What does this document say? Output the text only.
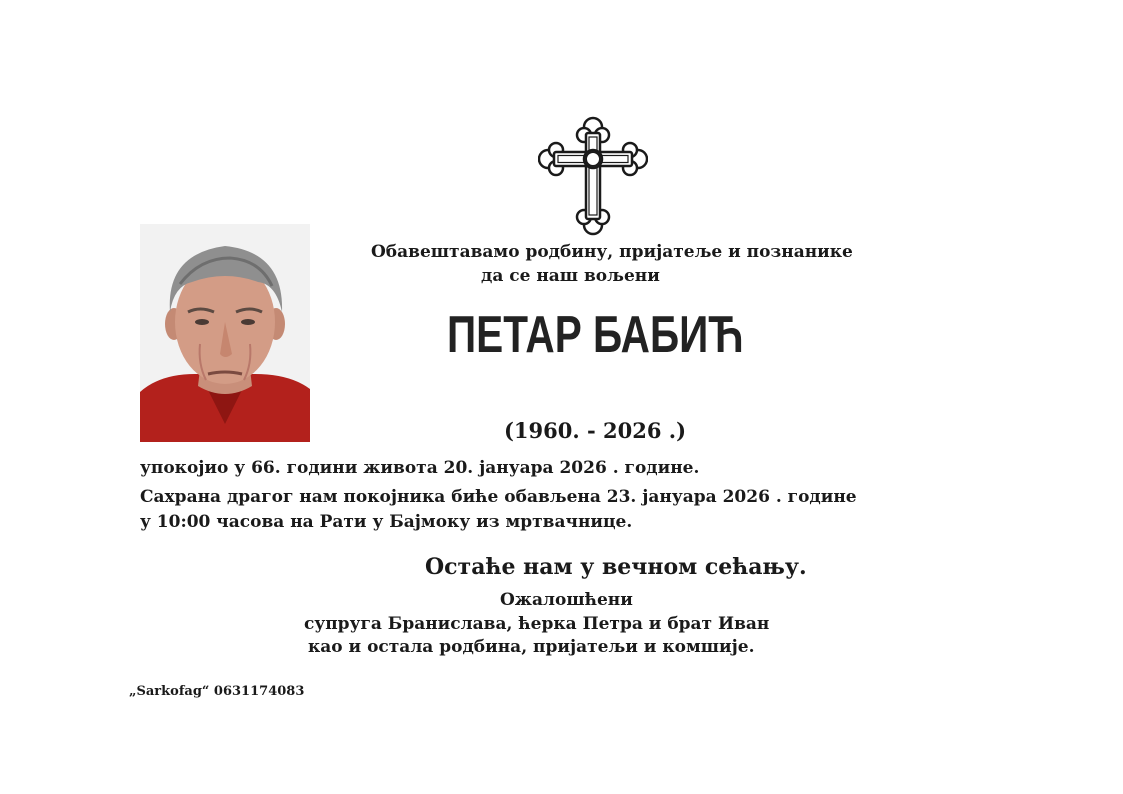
Обавештавамо родбину, пријатеље и познанике
да се наш вољени
ПЕТАР БАБИЋ
(1960. - 2026 .)
упокојио у 66. години живота 20. јануара 2026 . године.
Сахрана драгог нам покојника биће обављена 23. јануара 2026 . године
у 10:00 часова на Рати у Бајмоку из мртвачнице.
Остаће нам у вечном сећању.
Ожалошћени
супруга Бранислава, ћерка Петра и брат Иван
као и остала родбина, пријатељи и комшије.
„Sarkofag“ 0631174083
